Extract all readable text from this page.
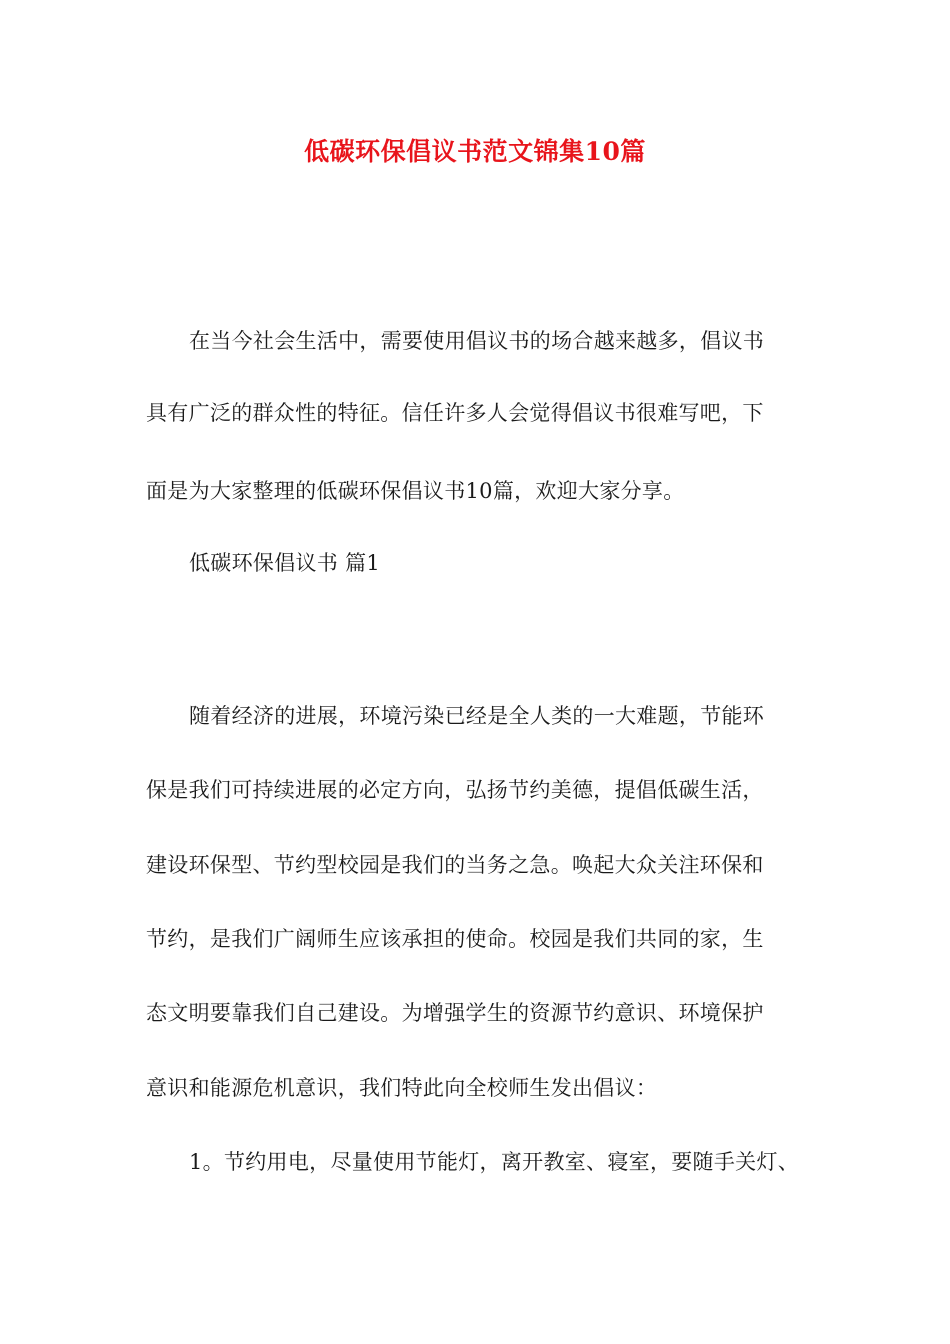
低碳环保倡议书范文锦集10篇
在当今社会生活中，需要使用倡议书的场合越来越多，倡议书
具有广泛的群众性的特征。信任许多人会觉得倡议书很难写吧，下
面是为大家整理的低碳环保倡议书10篇，欢迎大家分享。
低碳环保倡议书 篇1
随着经济的进展，环境污染已经是全人类的一大难题，节能环
保是我们可持续进展的必定方向，弘扬节约美德，提倡低碳生活，
建设环保型、节约型校园是我们的当务之急。唤起大众关注环保和
节约，是我们广阔师生应该承担的使命。校园是我们共同的家，生
态文明要靠我们自己建设。为增强学生的资源节约意识、环境保护
意识和能源危机意识，我们特此向全校师生发出倡议：
1。节约用电，尽量使用节能灯，离开教室、寝室，要随手关灯、
